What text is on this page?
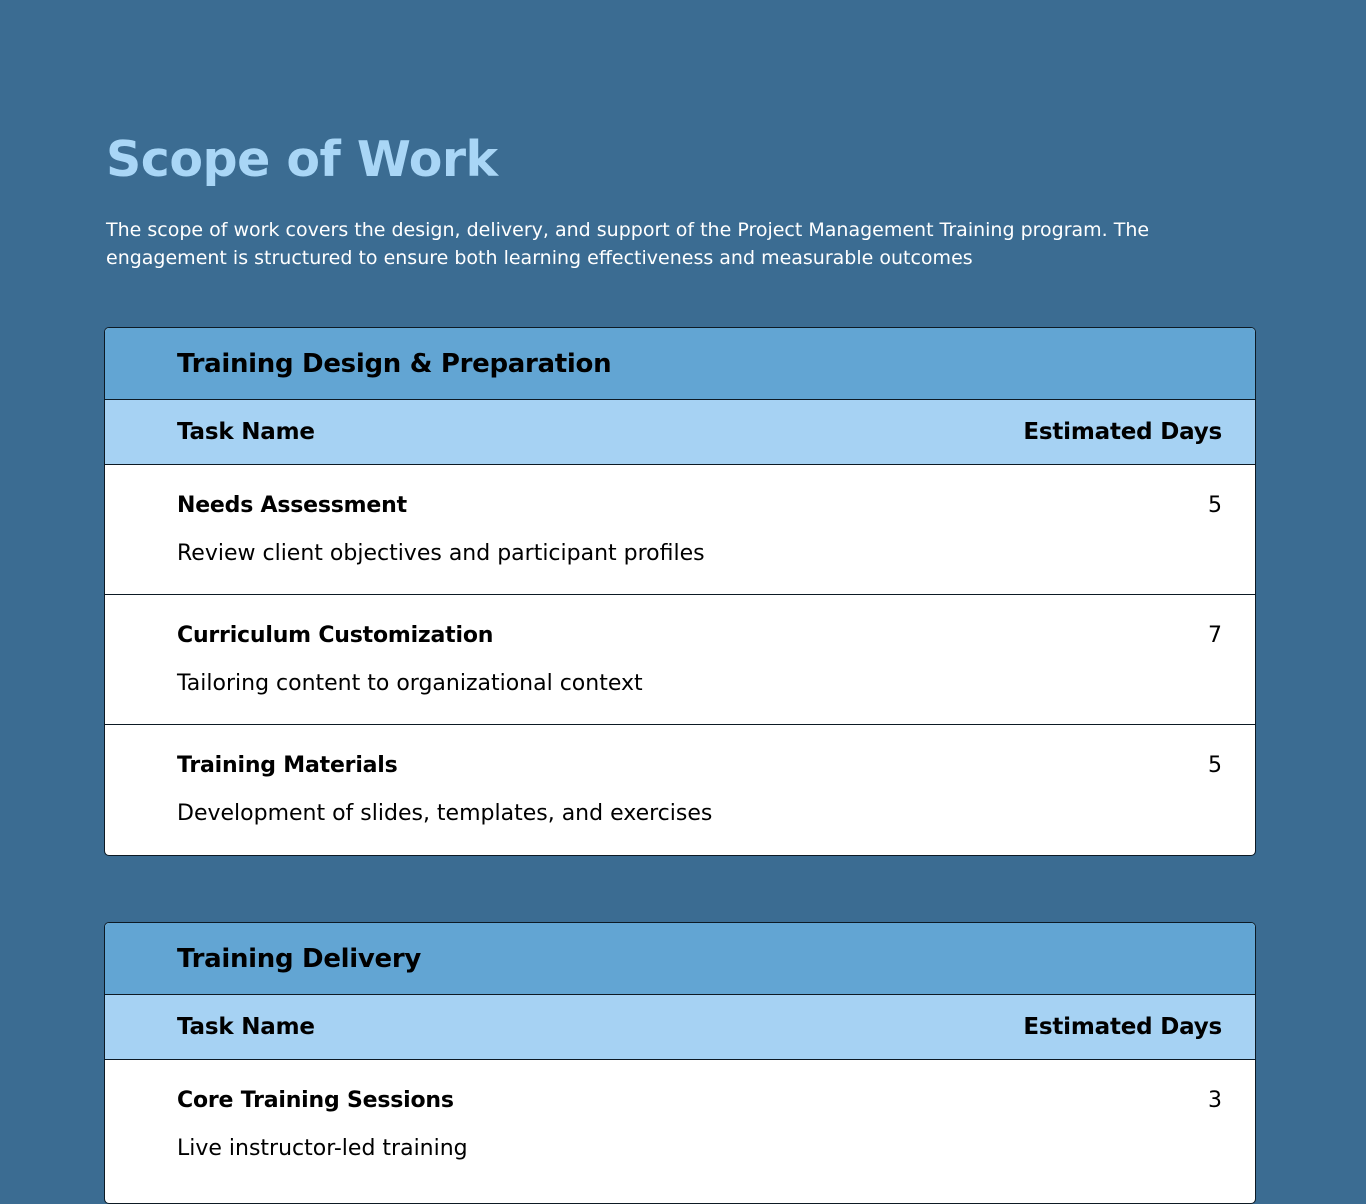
Scope of Work

The scope of work covers the design, delivery, and support of the Project Management Training program. The engagement is structured to ensure both learning effectiveness and measurable outcomes

Training Design & Preparation
Task Name	Estimated Days
Needs Assessment	5
Review client objectives and participant profiles
Curriculum Customization	7
Tailoring content to organizational context
Training Materials	5
Development of slides, templates, and exercises
Training Delivery
Task Name	Estimated Days
Core Training Sessions	3
Live instructor-led training
